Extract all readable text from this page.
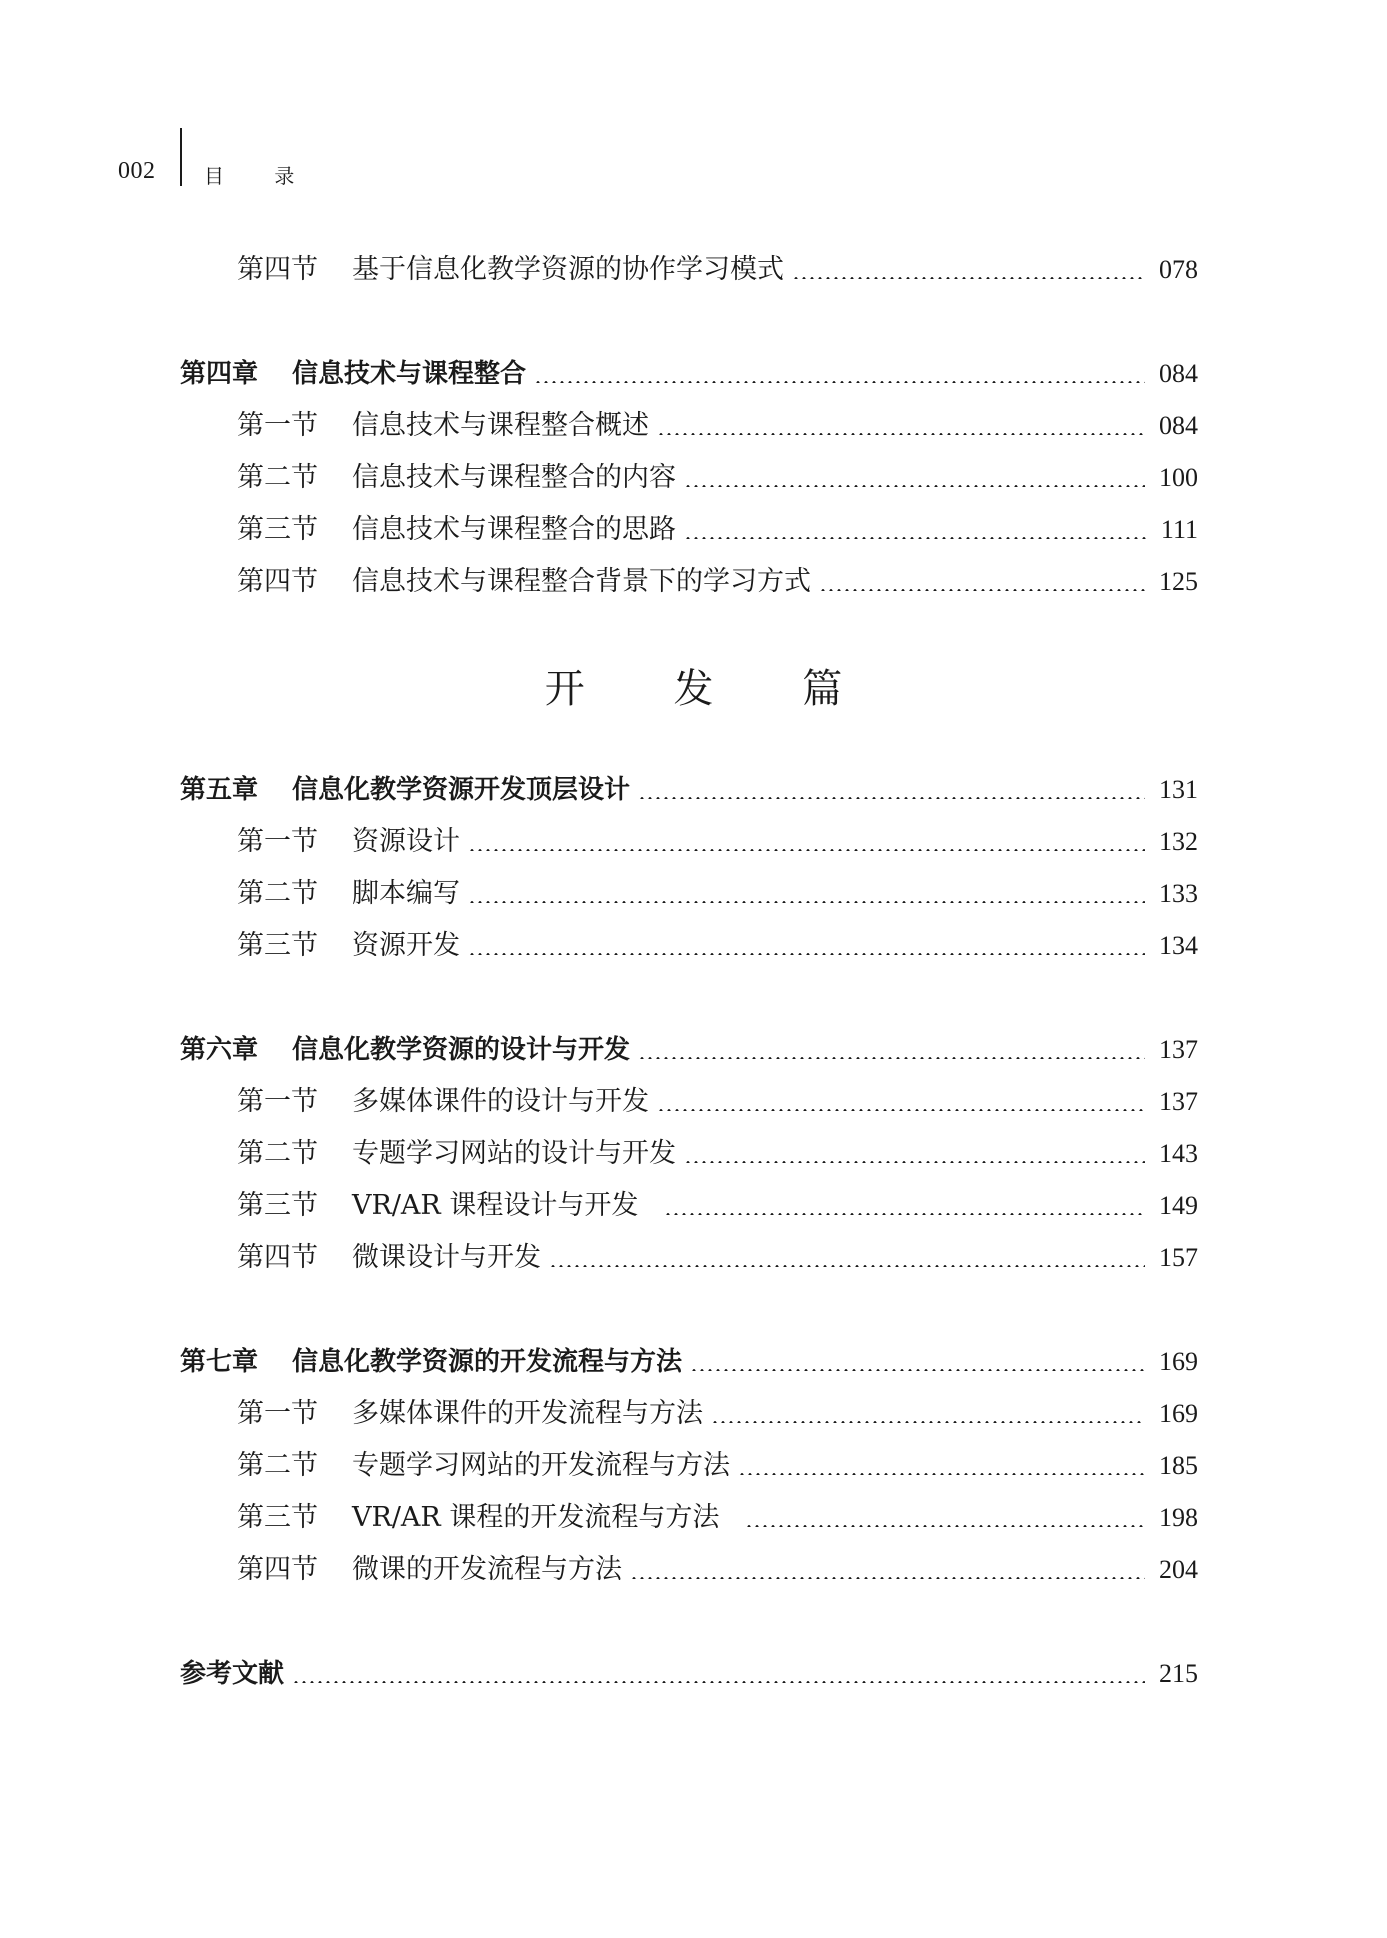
002 目 录
第四节 基于信息化教学资源的协作学习模式	078
第四章 信息技术与课程整合	084
第一节 信息技术与课程整合概述	084
第二节 信息技术与课程整合的内容	100
第三节 信息技术与课程整合的思路	111
第四节 信息技术与课程整合背景下的学习方式	125
开 发 篇
第五章 信息化教学资源开发顶层设计	131
第一节 资源设计	132
第二节 脚本编写	133
第三节 资源开发	134
第六章 信息化教学资源的设计与开发	137
第一节 多媒体课件的设计与开发	137
第二节 专题学习网站的设计与开发	143
第三节 VR/AR 课程设计与开发	149
第四节 微课设计与开发	157
第七章 信息化教学资源的开发流程与方法	169
第一节 多媒体课件的开发流程与方法	169
第二节 专题学习网站的开发流程与方法	185
第三节 VR/AR 课程的开发流程与方法	198
第四节 微课的开发流程与方法	204
参考文献	215
